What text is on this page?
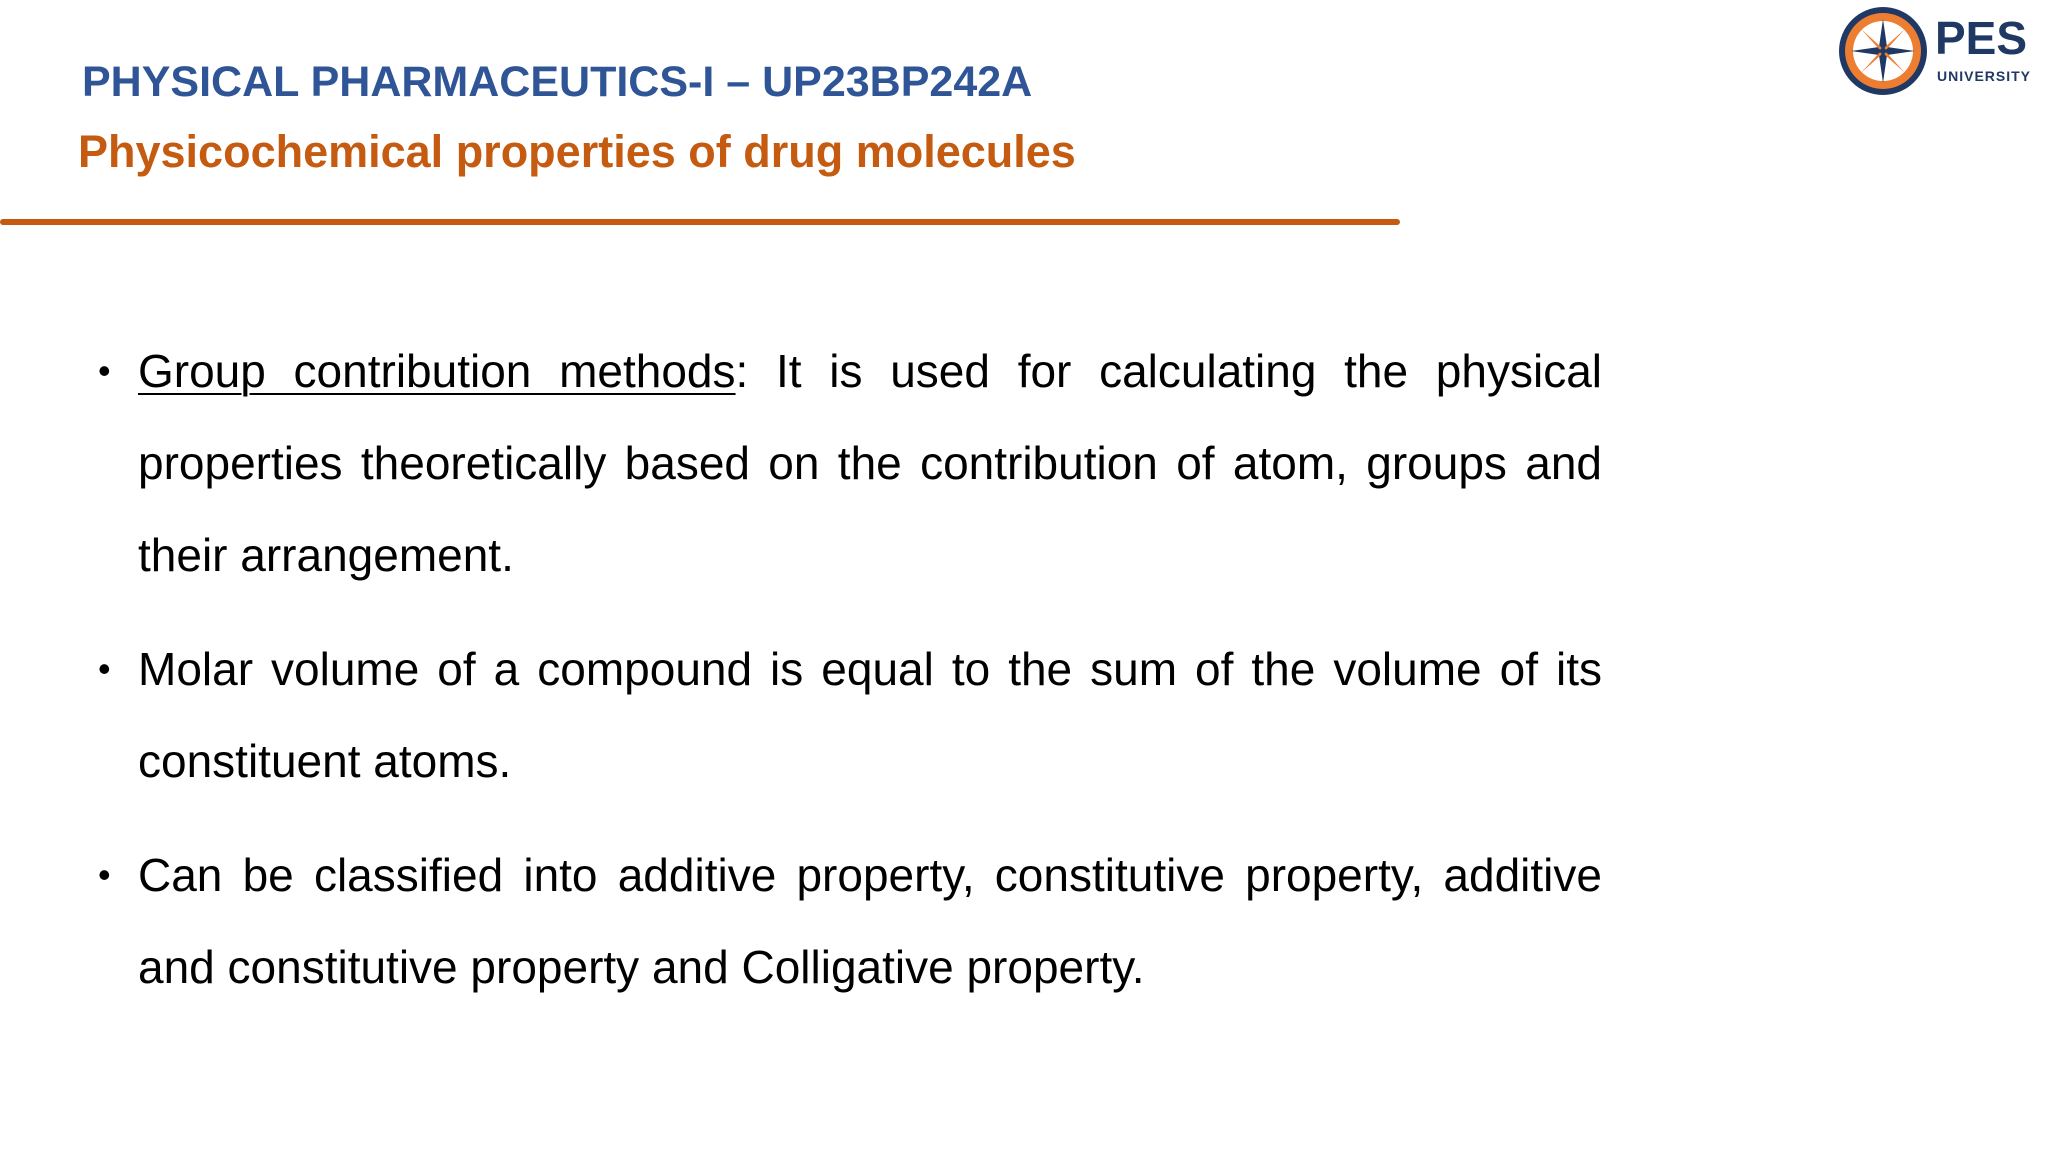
PHYSICAL PHARMACEUTICS-I – UP23BP242A
Physicochemical properties of drug molecules
PES
UNIVERSITY
• Group contribution methods: It is used for calculating the physical properties theoretically based on the contribution of atom, groups and their arrangement.
• Molar volume of a compound is equal to the sum of the volume of its constituent atoms.
• Can be classified into additive property, constitutive property, additive and constitutive property and Colligative property.
